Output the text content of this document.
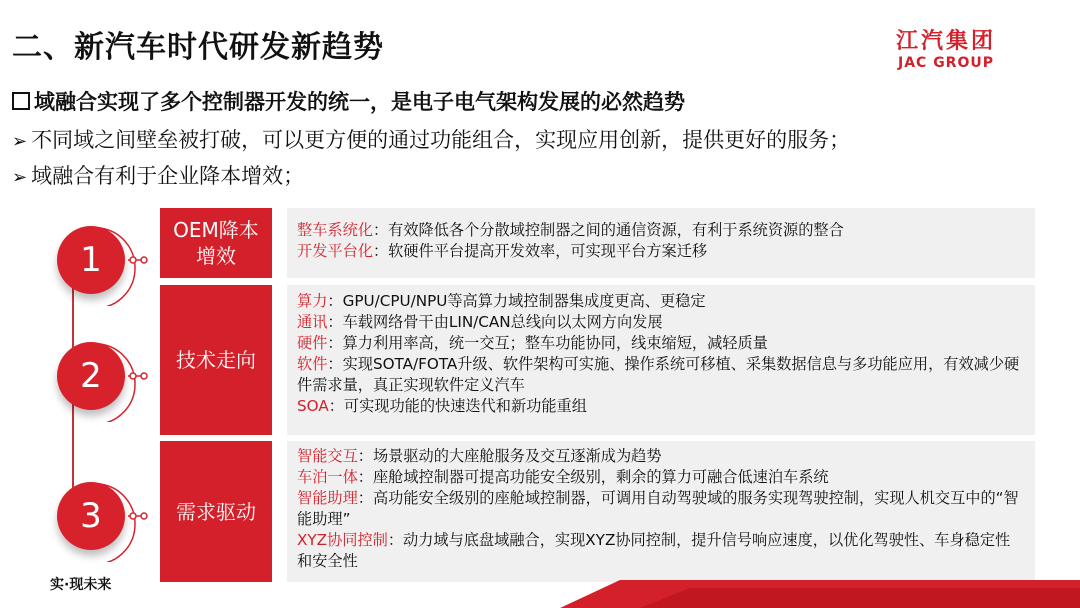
二、新汽车时代研发新趋势	江汽集团
JAC GROUP
域融合实现了多个控制器开发的统一，是电子电气架构发展的必然趋势
➢ 不同域之间壁垒被打破，可以更方便的通过功能组合，实现应用创新，提供更好的服务；
➢ 域融合有利于企业降本增效；
1
2
3
OEM降本增效

整车系统化：有效降低各个分散域控制器之间的通信资源，有利于系统资源的整合

开发平台化：软硬件平台提高开发效率，可实现平台方案迁移

技术走向

算力：GPU/CPU/NPU等高算力域控制器集成度更高、更稳定

通讯：车载网络骨干由LIN/CAN总线向以太网方向发展

硬件：算力利用率高，统一交互；整车功能协同，线束缩短，减轻质量

软件：实现SOTA/FOTA升级、软件架构可实施、操作系统可移植、采集数据信息与多功能应用，有效减少硬件需求量，真正实现软件定义汽车

SOA：可实现功能的快速迭代和新功能重组

需求驱动

智能交互：场景驱动的大座舱服务及交互逐渐成为趋势

车泊一体：座舱域控制器可提高功能安全级别，剩余的算力可融合低速泊车系统

智能助理：高功能安全级别的座舱域控制器，可调用自动驾驶域的服务实现驾驶控制，实现人机交互中的“智能助理”

XYZ协同控制：动力域与底盘域融合，实现XYZ协同控制，提升信号响应速度，以优化驾驶性、车身稳定性和安全性

实·现未来
